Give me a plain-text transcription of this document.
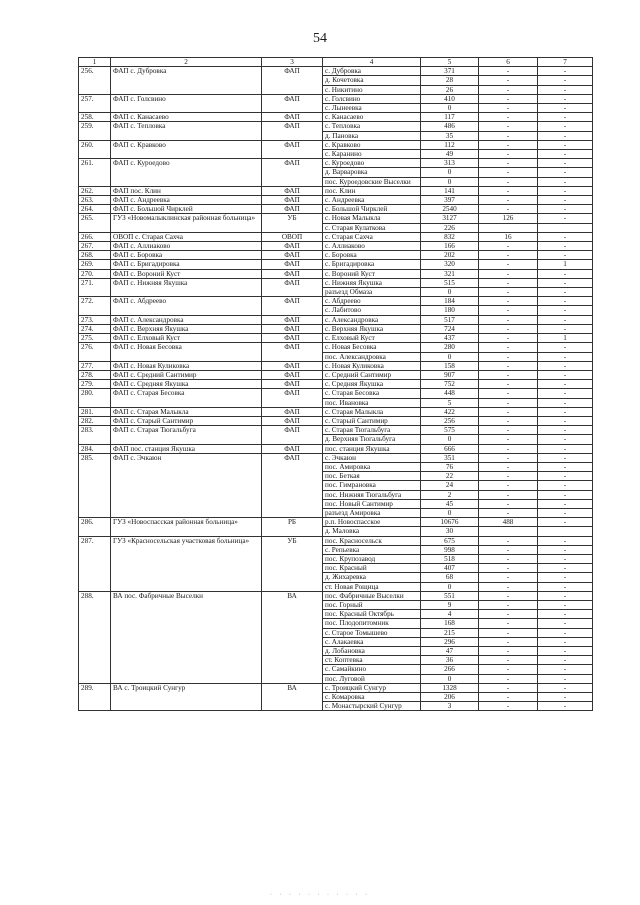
54
1	2	3	4	5	6	7
256.	ФАП с. Дубровка	ФАП	с. Дубровка	371	-	-
			д. Кочетовка	28	-	-
			с. Никитино	26	-	-
257.	ФАП с. Голсвино	ФАП	с. Голсвино	410	-	-
			с. Лынеевка	0	-	-
258.	ФАП с. Канасаево	ФАП	с. Канасаево	117	-	-
259.	ФАП с. Тепловка	ФАП	с. Тепловка	486	-	-
			д. Пановка	35	-	-
260.	ФАП с. Кравково	ФАП	с. Кравково	112	-	-
			с. Каранино	49	-	-
261.	ФАП с. Куроедово	ФАП	с. Куроедово	313	-	-
			д. Варваровка	0	-	-
			пос. Куроедовские Выселки	0	-	-
262.	ФАП пос. Клин	ФАП	пос. Клин	141	-	-
263.	ФАП с. Андреевка	ФАП	с. Андреевка	397	-	-
264.	ФАП с. Большой Чирклей	ФАП	с. Большой Чирклей	2540	-	-
265.	ГУЗ «Новомалыклинская районная больница»	УБ	с. Новая Малыкла	3127	126	-
			с. Старая Кулаткова	226		
266.	ОВОП с. Старая Сахча	ОВОП	с. Старая Сахча	832	16	-
267.	ФАП с. Аллиаково	ФАП	с. Аллиаково	166	-	-
268.	ФАП с. Боровка	ФАП	с. Боровка	202	-	-
269.	ФАП с. Бригадировка	ФАП	с. Бригадировка	320	-	1
270.	ФАП с. Вороний Куст	ФАП	с. Вороний Куст	321	-	-
271.	ФАП с. Нижняя Якушка	ФАП	с. Нижняя Якушка	515	-	-
			разъезд Обмаза	0	-	-
272.	ФАП с. Абдреево	ФАП	с. Абдреево	184	-	-
			с. Лабитово	180	-	-
273.	ФАП с. Александровка	ФАП	с. Александровка	517	-	-
274.	ФАП с. Верхняя Якушка	ФАП	с. Верхняя Якушка	724	-	-
275.	ФАП с. Елховый Куст	ФАП	с. Елховый Куст	437	-	1
276.	ФАП с. Новая Бесовка	ФАП	с. Новая Бесовка	280	-	-
			пос. Александровка	0	-	-
277.	ФАП с. Новая Куликовка	ФАП	с. Новая Куликовка	158	-	-
278.	ФАП с. Средний Сантимир	ФАП	с. Средний Сантимир	907	-	-
279.	ФАП с. Средняя Якушка	ФАП	с. Средняя Якушка	752	-	-
280.	ФАП с. Старая Бесовка	ФАП	с. Старая Бесовка	448	-	-
			пос. Ивановка	5	-	-
281.	ФАП с. Старая Малыкла	ФАП	с. Старая Малыкла	422	-	-
282.	ФАП с. Старый Сантимир	ФАП	с. Старый Сантимир	256	-	-
283.	ФАП с. Старая Тюгальбуга	ФАП	с. Старая Тюгальбуга	575	-	-
			д. Верхняя Тюгальбуга	0	-	-
284.	ФАП пос. станция Якушка	ФАП	пос. станция Якушка	666	-	-
285.	ФАП с. Эчкаюн	ФАП	с. Эчкаюн	351	-	-
			пос. Амировка	76	-	-
			пос. Беткая	22	-	-
			пос. Гимрановка	24	-	-
			пос. Нижняя Тюгальбуга	2	-	-
			пос. Новый Сантимир	45	-	-
			разъезд Амировка	0	-	-
286.	ГУЗ «Новоспасская районная больница»	РБ	р.п. Новоспасское	10676	488	-
			д. Маловка	30		
287.	ГУЗ «Красносельская участковая больница»	УБ	пос. Красносельск	675	-	-
			с. Репьевка	998	-	-
			пос. Крупозавод	518	-	-
			пос. Красный	407	-	-
			д. Жихаревка	68	-	-
			ст. Новая Рощица	0	-	-
288.	ВА пос. Фабричные Выселки	ВА	пос. Фабричные Выселки	551	-	-
			пос. Горный	9	-	-
			пос. Красный Октябрь	4	-	-
			пос. Плодопитомник	168	-	-
			с. Старое Томышево	215	-	-
			с. Алакаевка	296	-	-
			д. Лобановка	47	-	-
			ст. Коптевка	36	-	-
			с. Самайкино	266	-	-
			пос. Луговой	0	-	-
289.	ВА с. Троицкий Сунгур	ВА	с. Троицкий Сунгур	1328	-	-
			с. Комаровка	206	-	-
			с. Монастырский Сунгур	3	-	-
· · · · · · · · · · ·
